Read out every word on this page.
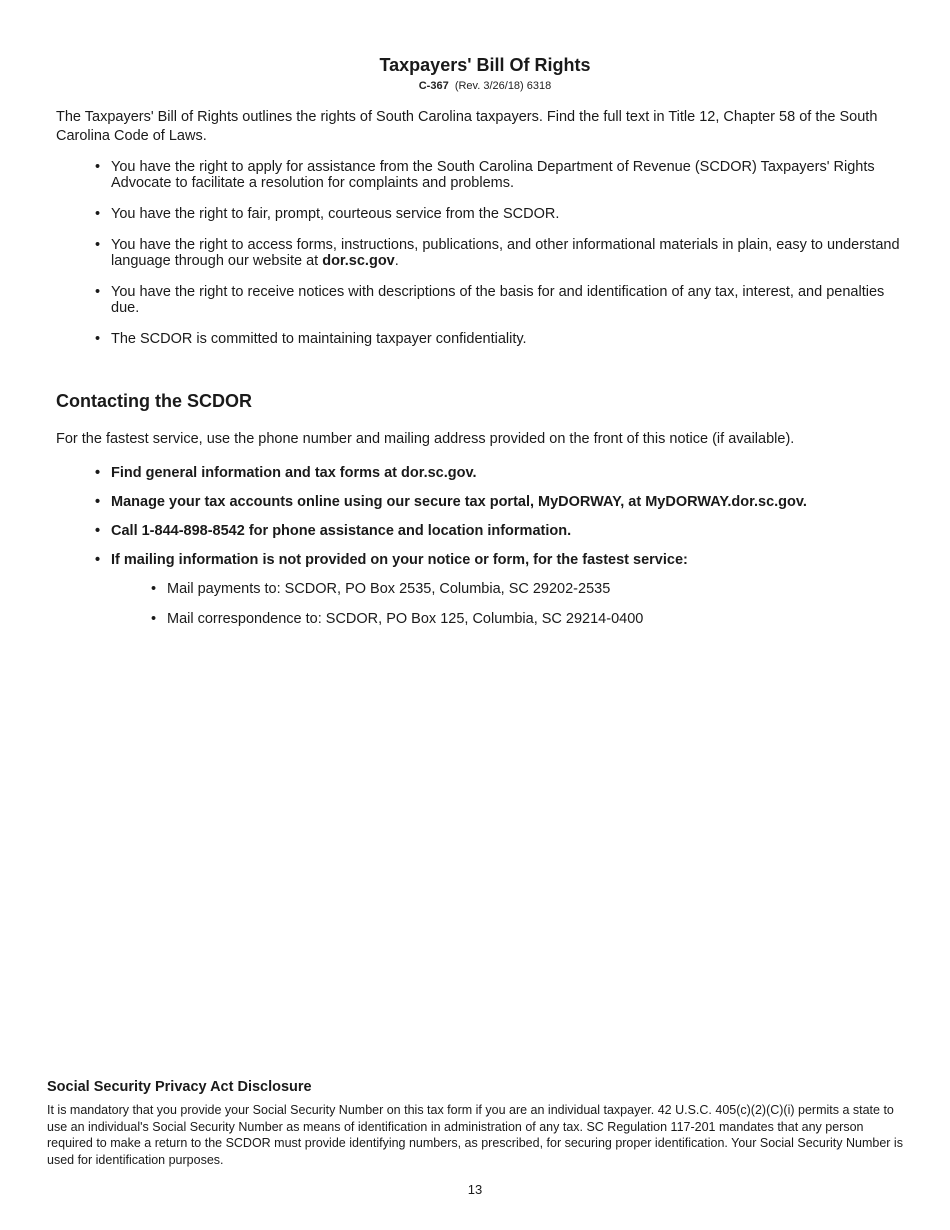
Taxpayers' Bill Of Rights
C-367 (Rev. 3/26/18) 6318
The Taxpayers' Bill of Rights outlines the rights of South Carolina taxpayers. Find the full text in Title 12, Chapter 58 of the South Carolina Code of Laws.
• You have the right to apply for assistance from the South Carolina Department of Revenue (SCDOR) Taxpayers' Rights Advocate to facilitate a resolution for complaints and problems.
• You have the right to fair, prompt, courteous service from the SCDOR.
• You have the right to access forms, instructions, publications, and other informational materials in plain, easy to understand language through our website at dor.sc.gov.
• You have the right to receive notices with descriptions of the basis for and identification of any tax, interest, and penalties due.
• The SCDOR is committed to maintaining taxpayer confidentiality.
Contacting the SCDOR
For the fastest service, use the phone number and mailing address provided on the front of this notice (if available).
• Find general information and tax forms at dor.sc.gov.
• Manage your tax accounts online using our secure tax portal, MyDORWAY, at MyDORWAY.dor.sc.gov.
• Call 1-844-898-8542 for phone assistance and location information.
• If mailing information is not provided on your notice or form, for the fastest service:
• Mail payments to: SCDOR, PO Box 2535, Columbia, SC 29202-2535
• Mail correspondence to: SCDOR, PO Box 125, Columbia, SC 29214-0400
Social Security Privacy Act Disclosure
It is mandatory that you provide your Social Security Number on this tax form if you are an individual taxpayer. 42 U.S.C. 405(c)(2)(C)(i) permits a state to use an individual's Social Security Number as means of identification in administration of any tax. SC Regulation 117-201 mandates that any person required to make a return to the SCDOR must provide identifying numbers, as prescribed, for securing proper identification. Your Social Security Number is used for identification purposes.
13
